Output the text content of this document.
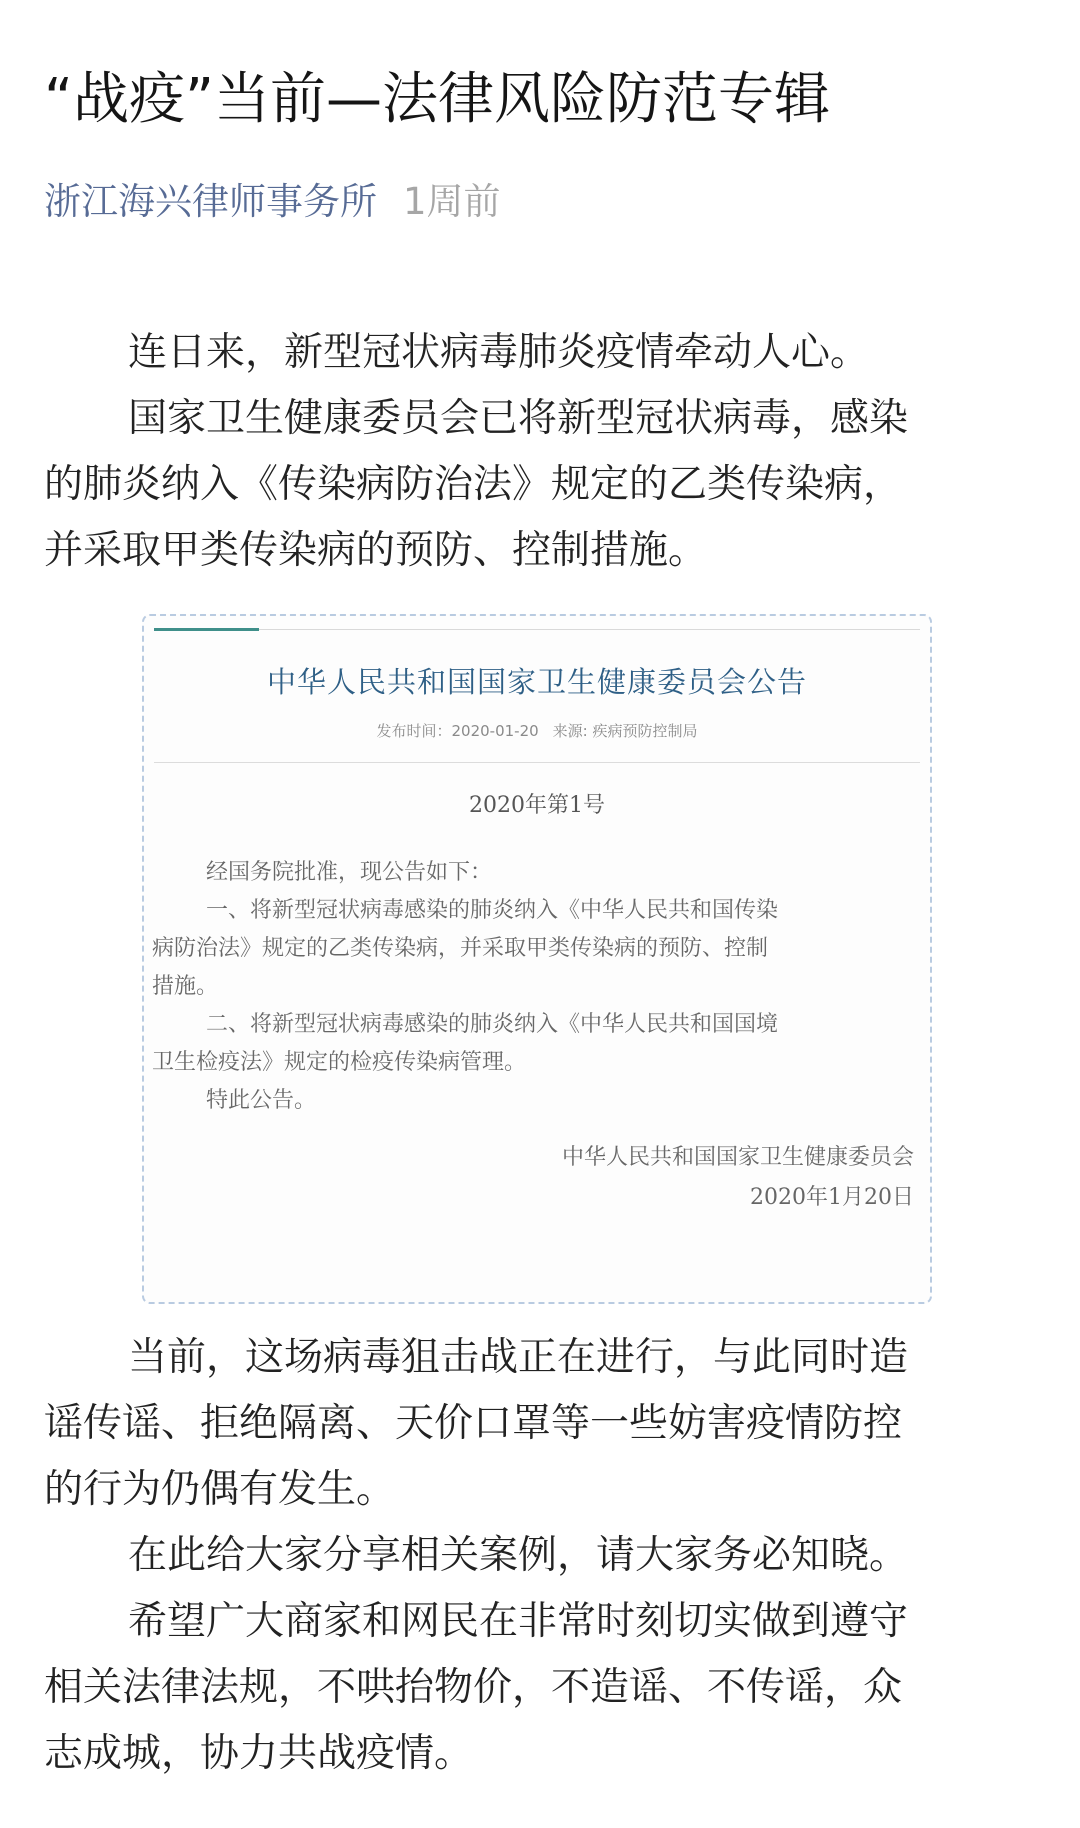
“战疫”当前—法律风险防范专辑
浙江海兴律师事务所 1周前
连日来，新型冠状病毒肺炎疫情牵动人心。
国家卫生健康委员会已将新型冠状病毒，感染
的肺炎纳入《传染病防治法》规定的乙类传染病，
并采取甲类传染病的预防、控制措施。
中华人民共和国国家卫生健康委员会公告
发布时间：2020-01-20 来源: 疾病预防控制局
2020年第1号
经国务院批准，现公告如下：
一、将新型冠状病毒感染的肺炎纳入《中华人民共和国传染
病防治法》规定的乙类传染病，并采取甲类传染病的预防、控制
措施。
二、将新型冠状病毒感染的肺炎纳入《中华人民共和国国境
卫生检疫法》规定的检疫传染病管理。
特此公告。
中华人民共和国国家卫生健康委员会
2020年1月20日
当前，这场病毒狙击战正在进行，与此同时造
谣传谣、拒绝隔离、天价口罩等一些妨害疫情防控
的行为仍偶有发生。
在此给大家分享相关案例，请大家务必知晓。
希望广大商家和网民在非常时刻切实做到遵守
相关法律法规，不哄抬物价，不造谣、不传谣，众
志成城，协力共战疫情。
